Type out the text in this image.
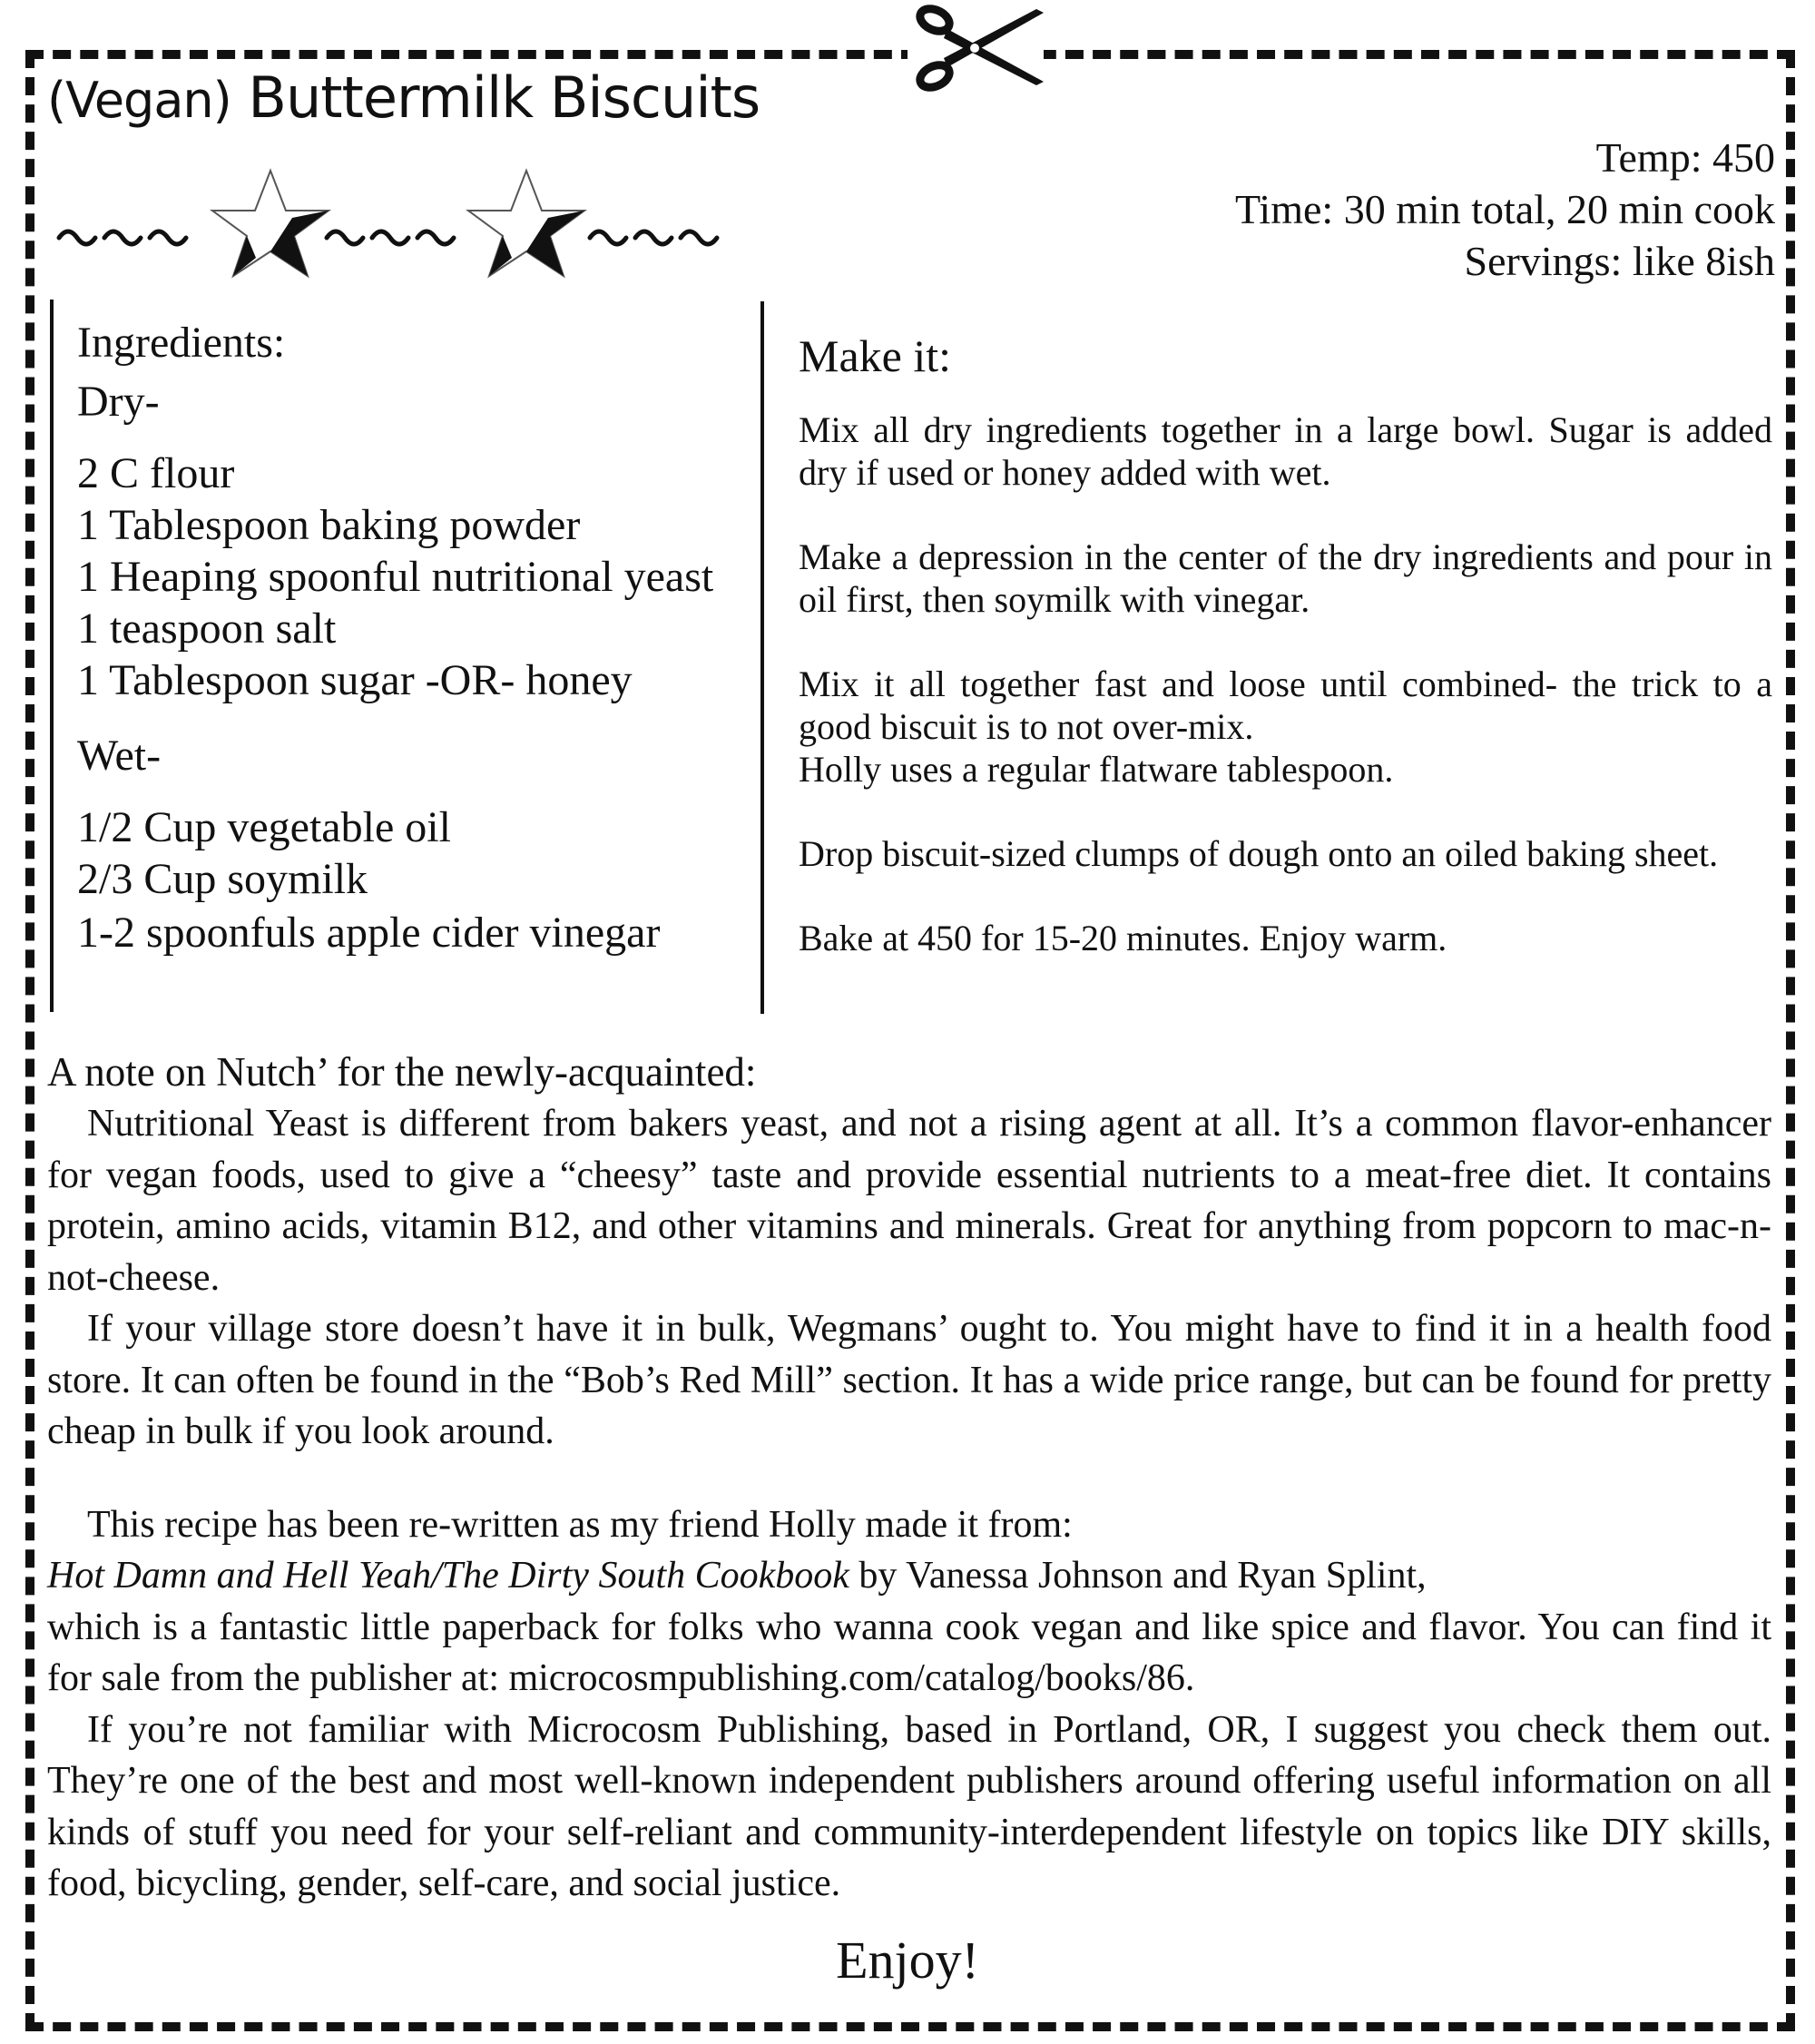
(Vegan) Buttermilk Biscuits
Temp: 450
Time: 30 min total, 20 min cook
Servings: like 8ish
Ingredients:
Dry-
2 C flour
1 Tablespoon baking powder
1 Heaping spoonful nutritional yeast
1 teaspoon salt
1 Tablespoon sugar -OR- honey
Wet-
1/2 Cup vegetable oil
2/3 Cup soymilk
1-2 spoonfuls apple cider vinegar
Make it:

Mix all dry ingredients together in a large bowl. Sugar is added dry if used or honey added with wet.

Make a depression in the center of the dry ingredients and pour in oil first, then soymilk with vinegar.

Mix it all together fast and loose until combined- the trick to a good biscuit is to not over-mix.

Holly uses a regular flatware tablespoon.

Drop biscuit-sized clumps of dough onto an oiled baking sheet.

Bake at 450 for 15-20 minutes. Enjoy warm.

A note on Nutch’ for the newly-acquainted:

Nutritional Yeast is different from bakers yeast, and not a rising agent at all. It’s a common flavor-enhancer for vegan foods, used to give a “cheesy” taste and provide essential nutrients to a meat-free diet. It contains protein, amino acids, vitamin B12, and other vitamins and minerals. Great for anything from popcorn to mac-n-not-cheese.

If your village store doesn’t have it in bulk, Wegmans’ ought to. You might have to find it in a health food store. It can often be found in the “Bob’s Red Mill” section. It has a wide price range, but can be found for pretty cheap in bulk if you look around.

This recipe has been re-written as my friend Holly made it from:

Hot Damn and Hell Yeah/The Dirty South Cookbook by Vanessa Johnson and Ryan Splint,

which is a fantastic little paperback for folks who wanna cook vegan and like spice and flavor. You can find it for sale from the publisher at: microcosmpublishing.com/catalog/books/86.

If you’re not familiar with Microcosm Publishing, based in Portland, OR, I suggest you check them out. They’re one of the best and most well-known independent publishers around offering useful information on all kinds of stuff you need for your self-reliant and community-interdependent lifestyle on topics like DIY skills, food, bicycling, gender, self-care, and social justice.

Enjoy!
